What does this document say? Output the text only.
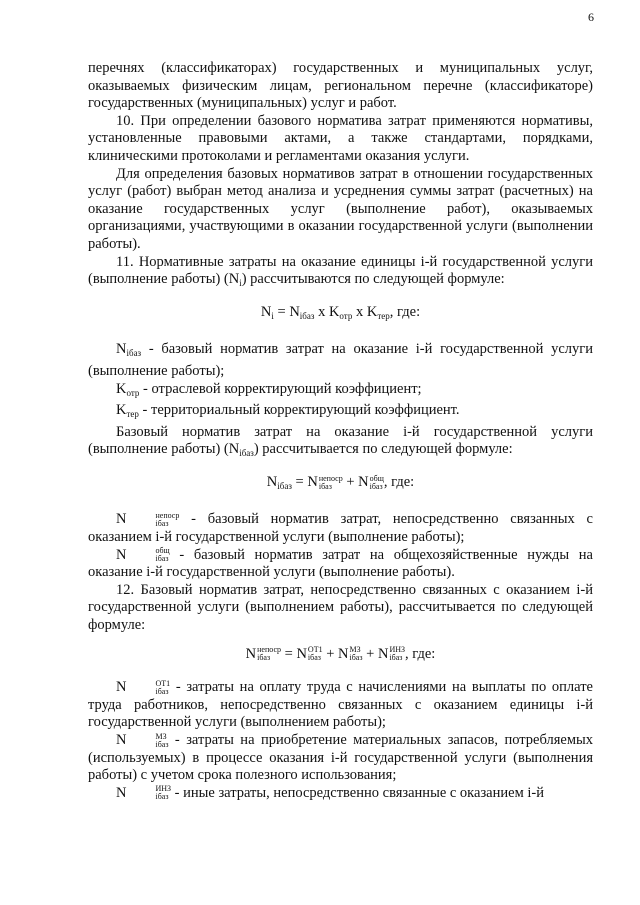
6

перечнях (классификаторах) государственных и муниципальных услуг, оказываемых физическим лицам, региональном перечне (классификаторе) государственных (муниципальных) услуг и работ.

10. При определении базового норматива затрат применяются нормативы, установленные правовыми актами, а также стандартами, порядками, клиническими протоколами и регламентами оказания услуги.

Для определения базовых нормативов затрат в отношении государственных услуг (работ) выбран метод анализа и усреднения суммы затрат (расчетных) на оказание государственных услуг (выполнение работ), оказываемых организациями, участвующими в оказании государственной услуги (выполнении работы).

11. Нормативные затраты на оказание единицы i-й государственной услуги (выполнение работы) $(N_i)$ рассчитываются по следующей формуле:

$N_i = N_{iбаз}$ х $K_{отр}$ х $K_{тер}$, где:

$N_{iбаз}$ - базовый норматив затрат на оказание i-й государственной услуги (выполнение работы);

$K_{отр}$ - отраслевой корректирующий коэффициент;

$K_{тер}$ - территориальный корректирующий коэффициент.

Базовый норматив затрат на оказание i-й государственной услуги (выполнение работы) $(N_{iбаз})$ рассчитывается по следующей формуле:

$N_{iбаз} = N$ непоср
iбаз + N общ
iбаз , где:

N	непоср
iбаз - базовый норматив затрат, непосредственно связанных с оказанием i-й государственной услуги (выполнение работы);

N	общ
iбаз - базовый норматив затрат на общехозяйственные нужды на оказание i-й государственной услуги (выполнение работы).

12. Базовый норматив затрат, непосредственно связанных с оказанием i-й государственной услуги (выполнением работы), рассчитывается по следующей формуле:

N непоср
iбаз = N ОТ1
iбаз + N МЗ
iбаз + N ИНЗ
iбаз , где:

N	ОТ1
iбаз - затраты на оплату труда с начислениями на выплаты по оплате труда работников, непосредственно связанных с оказанием единицы i-й государственной услуги (выполнением работы);

N	МЗ
iбаз - затраты на приобретение материальных запасов, потребляемых (используемых) в процессе оказания i-й государственной услуги (выполнения работы) с учетом срока полезного использования;

N	ИНЗ
iбаз - иные затраты, непосредственно связанные с оказанием i-й
